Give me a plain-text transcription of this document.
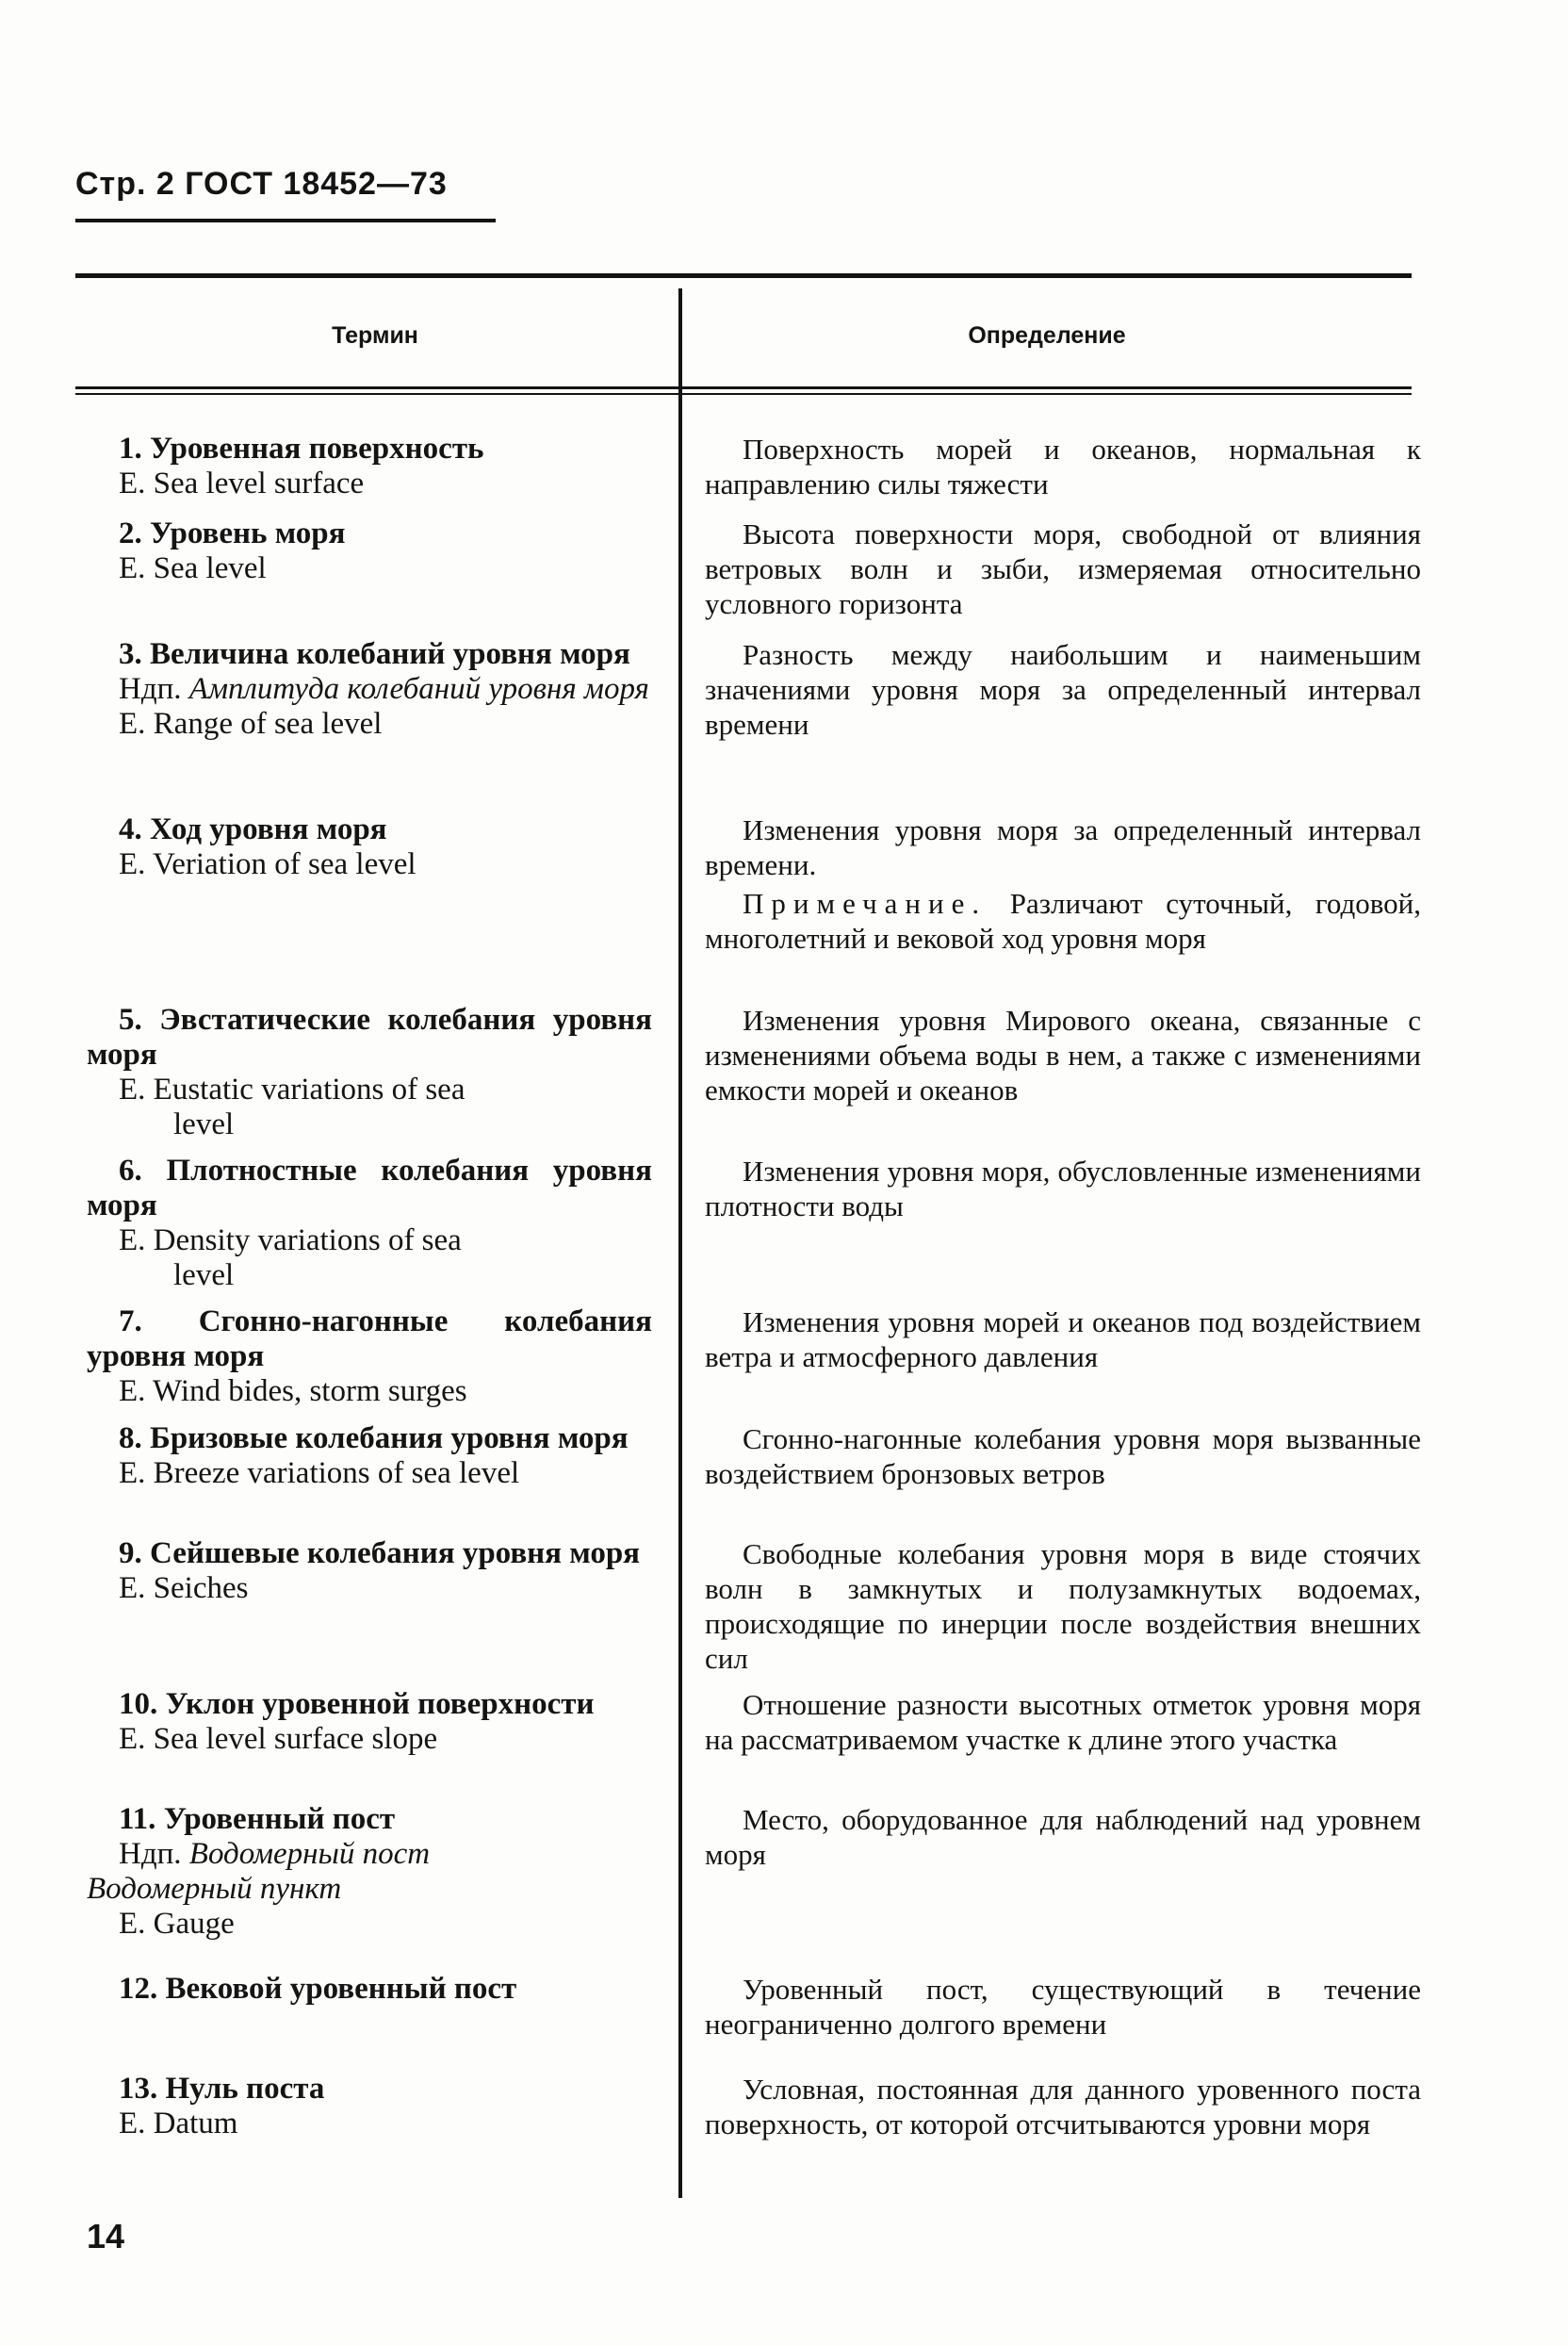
Стр. 2 ГОСТ 18452—73
Термин	Определение
1. Уровенная поверхность
E. Sea level surface
Поверхность морей и океанов, нормальная к направлению силы тяжести
2. Уровень моря
E. Sea level
Высота поверхности моря, свободной от влияния ветровых волн и зыби, измеряемая относительно условного горизонта
3. Величина колебаний уровня моря
Ндп. Амплитуда колебаний уровня моря
E. Range of sea level
Разность между наибольшим и наименьшим значениями уровня моря за определенный интервал времени
4. Ход уровня моря
E. Veriation of sea level
Изменения уровня моря за определенный интервал времени.
Примечание. Различают суточный, годовой, многолетний и вековой ход уровня моря
5. Эвстатические колебания уровня моря
E. Eustatic variations of sea
level
Изменения уровня Мирового океана, связанные с изменениями объема воды в нем, а также с изменениями емкости морей и океанов
6. Плотностные колебания уровня моря
E. Density variations of sea
level
Изменения уровня моря, обусловленные изменениями плотности воды
7. Сгонно-нагонные колебания уровня моря
E. Wind bides, storm surges
Изменения уровня морей и океанов под воздействием ветра и атмосферного давления
8. Бризовые колебания уровня моря
E. Breeze variations of sea level
Сгонно-нагонные колебания уровня моря вызванные воздействием бронзовых ветров
9. Сейшевые колебания уровня моря
E. Seiches
Свободные колебания уровня моря в виде стоячих волн в замкнутых и полузамкнутых водоемах, происходящие по инерции после воздействия внешних сил
10. Уклон уровенной поверхности
E. Sea level surface slope
Отношение разности высотных отметок уровня моря на рассматриваемом участке к длине этого участка
11. Уровенный пост
Ндп. Водомерный пост
Водомерный пункт
E. Gauge
Место, оборудованное для наблюдений над уровнем моря
12. Вековой уровенный пост	Уровенный пост, существующий в течение неограниченно долгого времени
13. Нуль поста
E. Datum
Условная, постоянная для данного уровенного поста поверхность, от которой отсчитываются уровни моря
14
